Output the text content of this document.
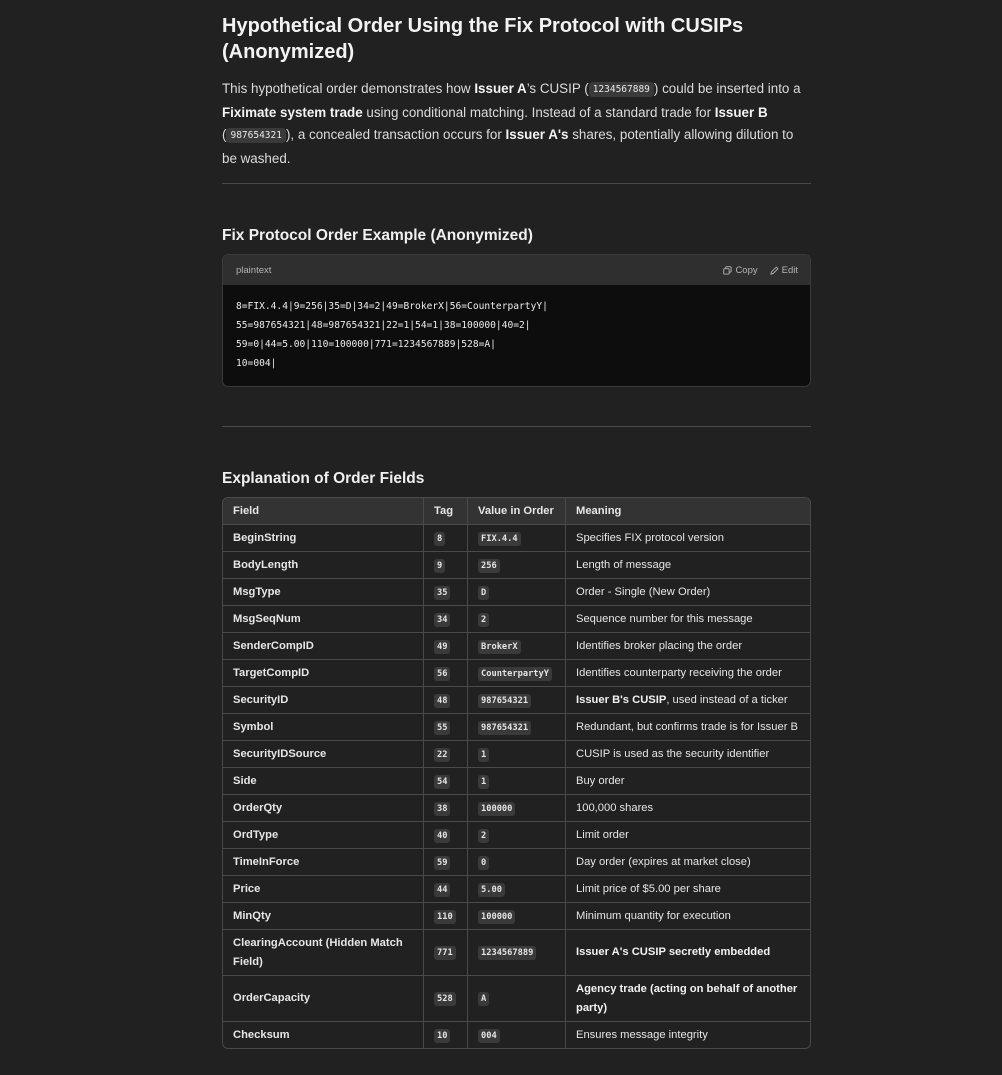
Hypothetical Order Using the Fix Protocol with CUSIPs (Anonymized)

This hypothetical order demonstrates how Issuer A’s CUSIP ( 1234567889 ) could be inserted into a Fiximate system trade using conditional matching. Instead of a standard trade for Issuer B ( 987654321 ), a concealed transaction occurs for Issuer A's shares, potentially allowing dilution to be washed.

Fix Protocol Order Example (Anonymized)
plaintext	Copy	Edit
8=FIX.4.4|9=256|35=D|34=2|49=BrokerX|56=CounterpartyY|
55=987654321|48=987654321|22=1|54=1|38=100000|40=2|
59=0|44=5.00|110=100000|771=1234567889|528=A|
10=004|
Explanation of Order Fields
Field	Tag	Value in Order	Meaning
BeginString	8	FIX.4.4	Specifies FIX protocol version
BodyLength	9	256	Length of message
MsgType	35	D	Order - Single (New Order)
MsgSeqNum	34	2	Sequence number for this message
SenderCompID	49	BrokerX	Identifies broker placing the order
TargetCompID	56	CounterpartyY	Identifies counterparty receiving the order
SecurityID	48	987654321	Issuer B's CUSIP, used instead of a ticker
Symbol	55	987654321	Redundant, but confirms trade is for Issuer B
SecurityIDSource	22	1	CUSIP is used as the security identifier
Side	54	1	Buy order
OrderQty	38	100000	100,000 shares
OrdType	40	2	Limit order
TimeInForce	59	0	Day order (expires at market close)
Price	44	5.00	Limit price of $5.00 per share
MinQty	110	100000	Minimum quantity for execution
ClearingAccount (Hidden Match Field)	771	1234567889	Issuer A's CUSIP secretly embedded
OrderCapacity	528	A	Agency trade (acting on behalf of another party)
Checksum	10	004	Ensures message integrity
